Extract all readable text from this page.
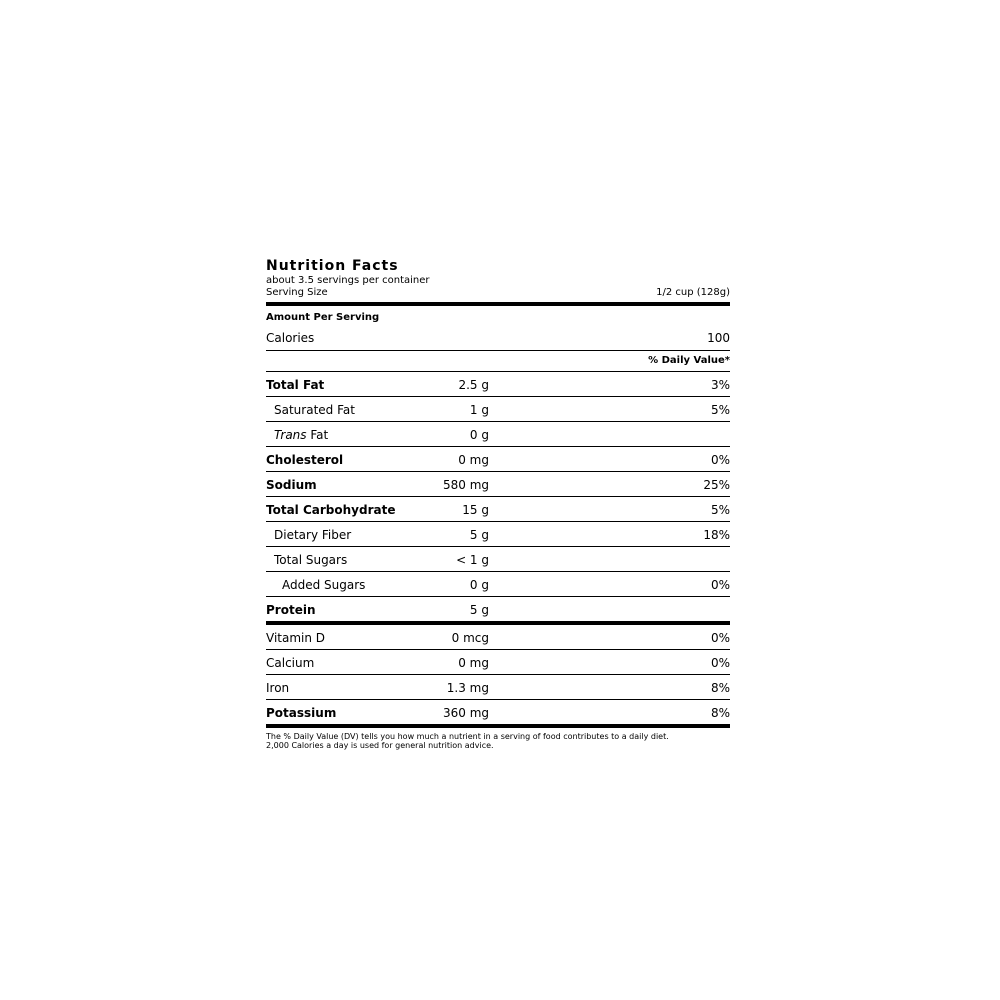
Nutrition Facts
about 3.5 servings per container
Serving Size	1/2 cup (128g)
Amount Per Serving
Calories	100
% Daily Value*
Total Fat	2.5 g	3%
Saturated Fat	1 g	5%
Trans Fat	0 g
Cholesterol	0 mg	0%
Sodium	580 mg	25%
Total Carbohydrate	15 g	5%
Dietary Fiber	5 g	18%
Total Sugars	< 1 g
Added Sugars	0 g	0%
Protein	5 g
Vitamin D	0 mcg	0%
Calcium	0 mg	0%
Iron	1.3 mg	8%
Potassium	360 mg	8%
The % Daily Value (DV) tells you how much a nutrient in a serving of food contributes to a daily diet.
2,000 Calories a day is used for general nutrition advice.
